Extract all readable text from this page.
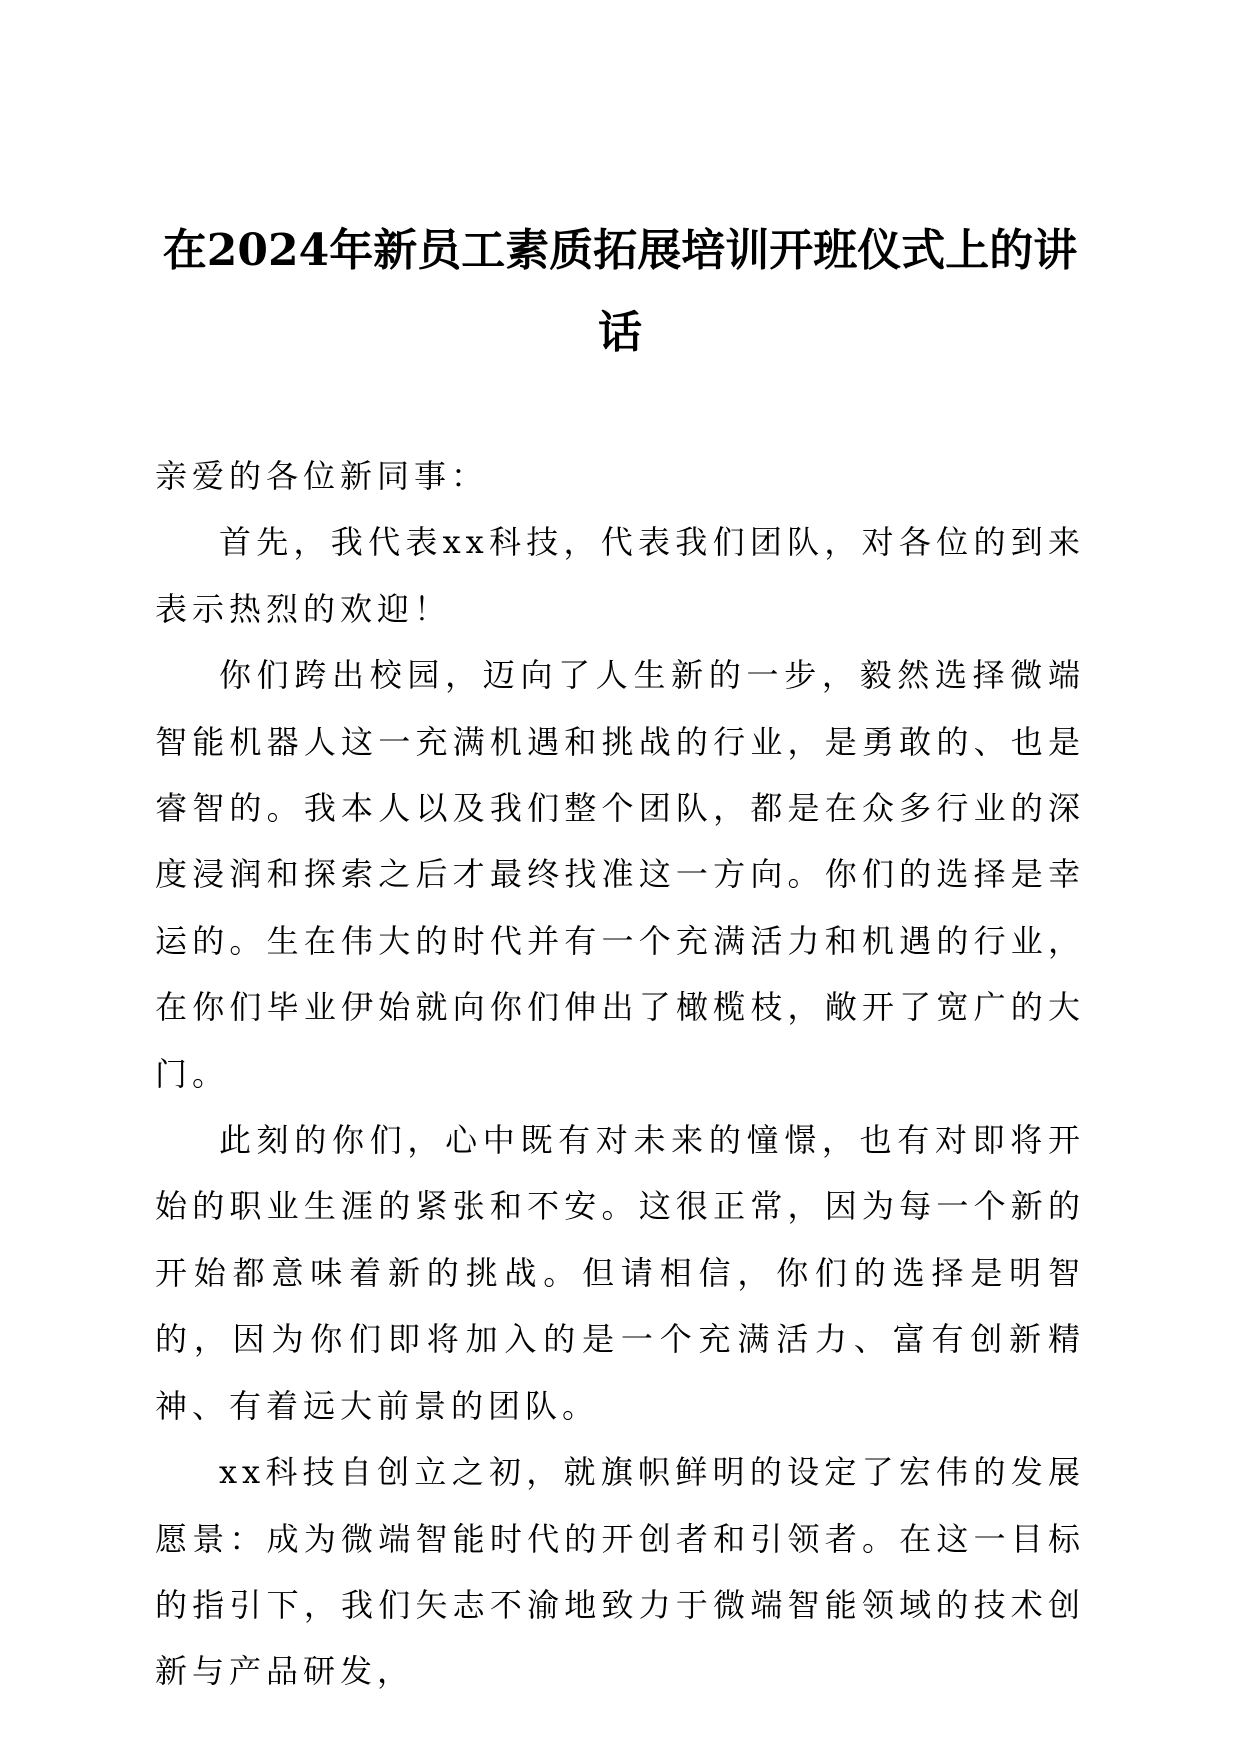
在2024年新员工素质拓展培训开班仪式上的讲话

亲爱的各位新同事：

首先，我代表xx科技，代表我们团队，对各位的到来表示热烈的欢迎！

你们跨出校园，迈向了人生新的一步，毅然选择微端智能机器人这一充满机遇和挑战的行业，是勇敢的、也是睿智的。我本人以及我们整个团队，都是在众多行业的深度浸润和探索之后才最终找准这一方向。你们的选择是幸运的。生在伟大的时代并有一个充满活力和机遇的行业，在你们毕业伊始就向你们伸出了橄榄枝，敞开了宽广的大门。

此刻的你们，心中既有对未来的憧憬，也有对即将开始的职业生涯的紧张和不安。这很正常，因为每一个新的开始都意味着新的挑战。但请相信，你们的选择是明智的，因为你们即将加入的是一个充满活力、富有创新精神、有着远大前景的团队。

xx科技自创立之初，就旗帜鲜明的设定了宏伟的发展愿景：成为微端智能时代的开创者和引领者。在这一目标的指引下，我们矢志不渝地致力于微端智能领域的技术创新与产品研发，
